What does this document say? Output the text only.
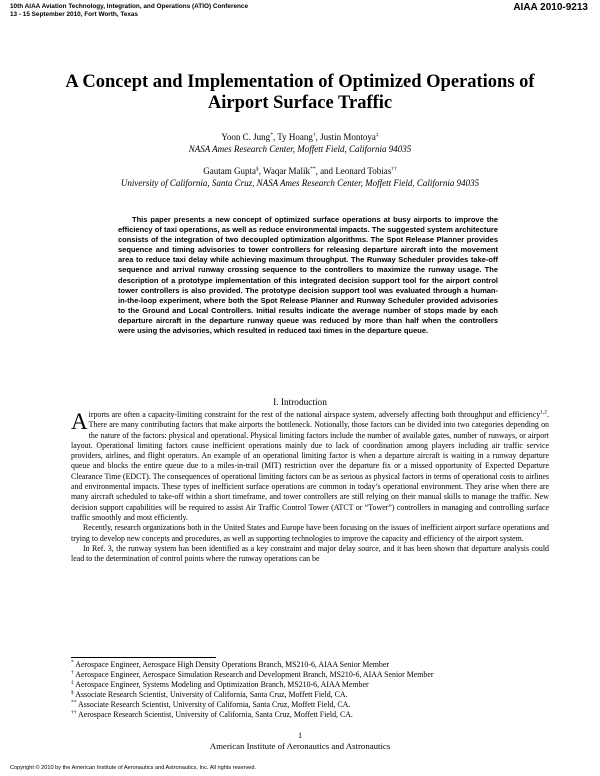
10th AIAA Aviation Technology, Integration, and Operations (ATIO) Conference
13 - 15 September 2010, Fort Worth, Texas
AIAA 2010-9213
A Concept and Implementation of Optimized Operations of
Airport Surface Traffic
Yoon C. Jung*, Ty Hoang†, Justin Montoya‡
NASA Ames Research Center, Moffett Field, California 94035
Gautam Gupta§, Waqar Malik**, and Leonard Tobias††
University of California, Santa Cruz, NASA Ames Research Center, Moffett Field, California 94035

This paper presents a new concept of optimized surface operations at busy airports to improve the efficiency of taxi operations, as well as reduce environmental impacts. The suggested system architecture consists of the integration of two decoupled optimization algorithms. The Spot Release Planner provides sequence and timing advisories to tower controllers for releasing departure aircraft into the movement area to reduce taxi delay while achieving maximum throughput. The Runway Scheduler provides take-off sequence and arrival runway crossing sequence to the controllers to maximize the runway usage. The description of a prototype implementation of this integrated decision support tool for the airport control tower controllers is also provided. The prototype decision support tool was evaluated through a human-in-the-loop experiment, where both the Spot Release Planner and Runway Scheduler provided advisories to the Ground and Local Controllers. Initial results indicate the average number of stops made by each departure aircraft in the departure runway queue was reduced by more than half when the controllers were using the advisories, which resulted in reduced taxi times in the departure queue.

I. Introduction

Airports are often a capacity-limiting constraint for the rest of the national airspace system, adversely affecting both throughput and efficiency$^{1,2}$. There are many contributing factors that make airports the bottleneck. Notionally, those factors can be divided into two categories depending on the nature of the factors: physical and operational. Physical limiting factors include the number of available gates, number of runways, or airport layout. Operational limiting factors cause inefficient operations mainly due to lack of coordination among players including air traffic service providers, airlines, and flight operators. An example of an operational limiting factor is when a departure aircraft is waiting in a runway departure queue and blocks the entire queue due to a miles-in-trail (MIT) restriction over the departure fix or a missed opportunity of Expected Departure Clearance Time (EDCT). The consequences of operational limiting factors can be as serious as physical factors in terms of operational costs to airlines and environmental impacts. These types of inefficient surface operations are common in today’s operational environment. They arise when there are many aircraft scheduled to take-off within a short timeframe, and tower controllers are still relying on their manual skills to manage the traffic. New decision support capabilities will be required to assist Air Traffic Control Tower (ATCT or “Tower”) controllers in managing and controlling surface traffic smoothly and most efficiently.

Recently, research organizations both in the United States and Europe have been focusing on the issues of inefficient airport surface operations and trying to develop new concepts and procedures, as well as supporting technologies to improve the capacity and efficiency of the airport system.

In Ref. 3, the runway system has been identified as a key constraint and major delay source, and it has been shown that departure analysis could lead to the determination of control points where the runway operations can be

* Aerospace Engineer, Aerospace High Density Operations Branch, MS210-6, AIAA Senior Member
† Aerospace Engineer, Aerospace Simulation Research and Development Branch, MS210-6, AIAA Senior Member
‡ Aerospace Engineer, Systems Modeling and Optimization Branch, MS210-6, AIAA Member
§ Associate Research Scientist, University of California, Santa Cruz, Moffett Field, CA.
** Associate Research Scientist, University of California, Santa Cruz, Moffett Field, CA.
†† Aerospace Research Scientist, University of California, Santa Cruz, Moffett Field, CA.
1
American Institute of Aeronautics and Astronautics
Copyright © 2010 by the American Institute of Aeronautics and Astronautics, Inc. All rights reserved.
